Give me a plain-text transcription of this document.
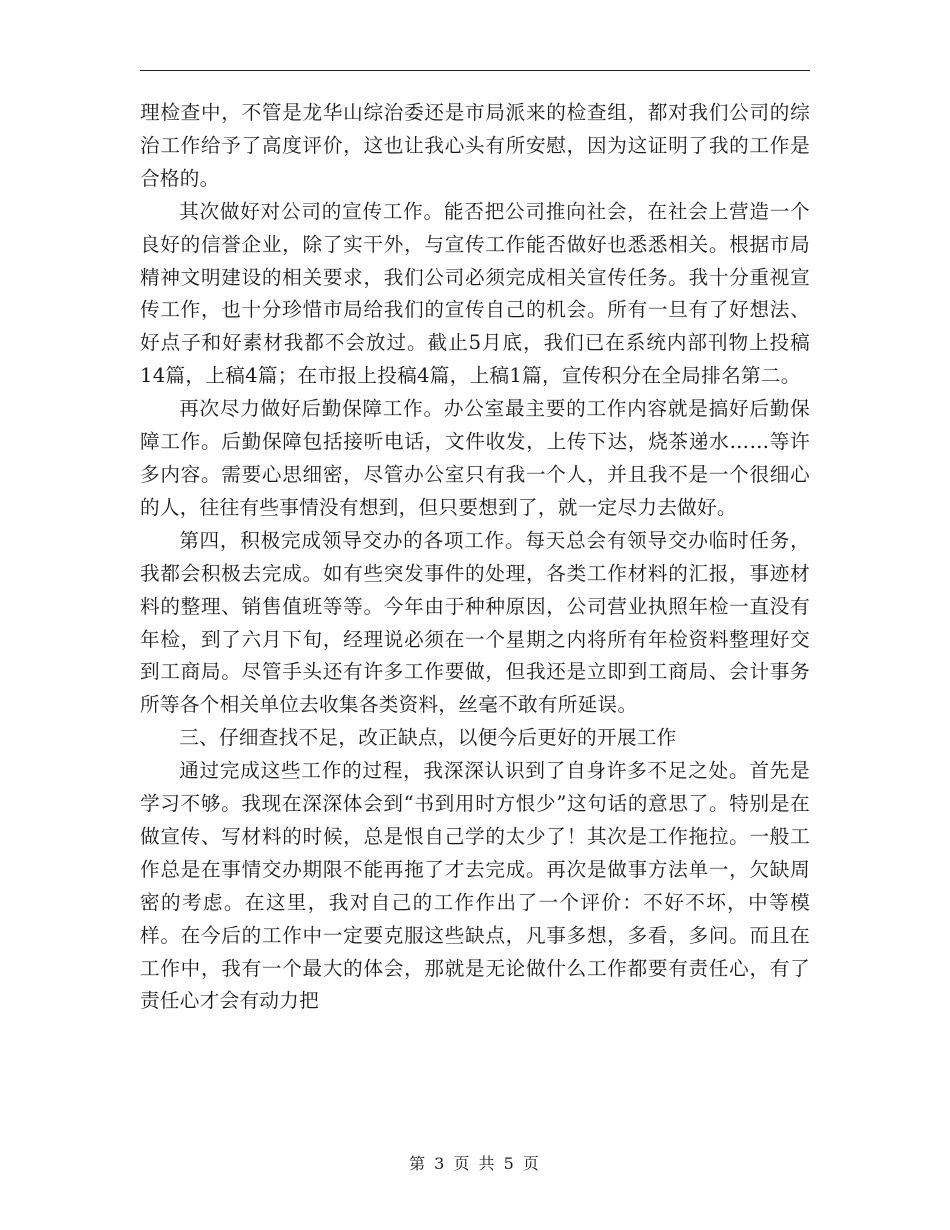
理检查中，不管是龙华山综治委还是市局派来的检查组，都对我们公司的综治工作给予了高度评价，这也让我心头有所安慰，因为这证明了我的工作是合格的。

其次做好对公司的宣传工作。能否把公司推向社会，在社会上营造一个良好的信誉企业，除了实干外，与宣传工作能否做好也悉悉相关。根据市局精神文明建设的相关要求，我们公司必须完成相关宣传任务。我十分重视宣传工作，也十分珍惜市局给我们的宣传自己的机会。所有一旦有了好想法、好点子和好素材我都不会放过。截止5月底，我们已在系统内部刊物上投稿14篇，上稿4篇；在市报上投稿4篇，上稿1篇，宣传积分在全局排名第二。

再次尽力做好后勤保障工作。办公室最主要的工作内容就是搞好后勤保障工作。后勤保障包括接听电话，文件收发，上传下达，烧茶递水……等许多内容。需要心思细密，尽管办公室只有我一个人，并且我不是一个很细心的人，往往有些事情没有想到，但只要想到了，就一定尽力去做好。

第四，积极完成领导交办的各项工作。每天总会有领导交办临时任务，我都会积极去完成。如有些突发事件的处理，各类工作材料的汇报，事迹材料的整理、销售值班等等。今年由于种种原因，公司营业执照年检一直没有年检，到了六月下旬，经理说必须在一个星期之内将所有年检资料整理好交到工商局。尽管手头还有许多工作要做，但我还是立即到工商局、会计事务所等各个相关单位去收集各类资料，丝毫不敢有所延误。

三、仔细查找不足，改正缺点，以便今后更好的开展工作

通过完成这些工作的过程，我深深认识到了自身许多不足之处。首先是学习不够。我现在深深体会到“书到用时方恨少”这句话的意思了。特别是在做宣传、写材料的时候，总是恨自己学的太少了！其次是工作拖拉。一般工作总是在事情交办期限不能再拖了才去完成。再次是做事方法单一，欠缺周密的考虑。在这里，我对自己的工作作出了一个评价：不好不坏，中等模样。在今后的工作中一定要克服这些缺点，凡事多想，多看，多问。而且在工作中，我有一个最大的体会，那就是无论做什么工作都要有责任心，有了责任心才会有动力把

第 3 页 共 5 页
